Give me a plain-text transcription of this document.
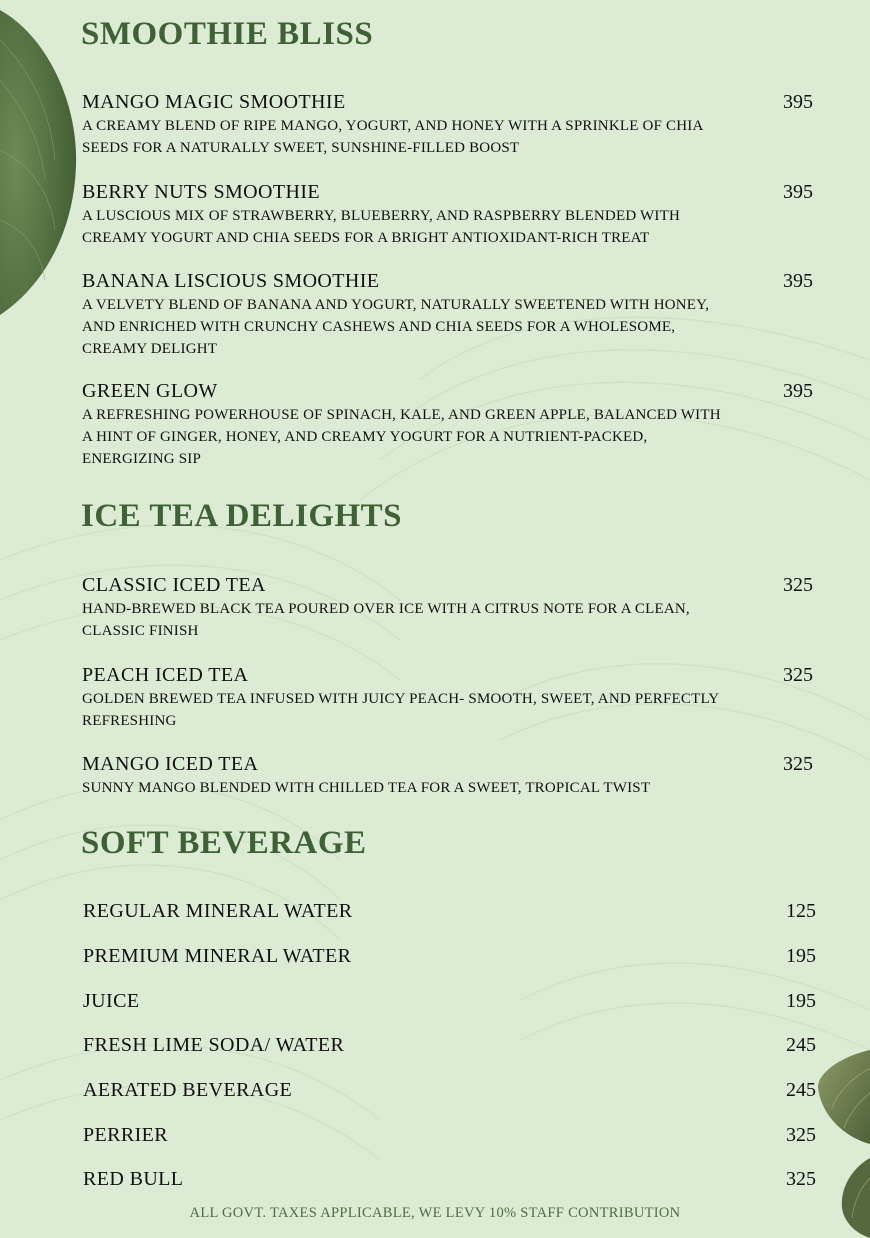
SMOOTHIE BLISS
MANGO MAGIC SMOOTHIE
A CREAMY BLEND OF RIPE MANGO, YOGURT, AND HONEY WITH A SPRINKLE OF CHIA SEEDS FOR A NATURALLY SWEET, SUNSHINE-FILLED BOOST
395
BERRY NUTS SMOOTHIE
A LUSCIOUS MIX OF STRAWBERRY, BLUEBERRY, AND RASPBERRY BLENDED WITH CREAMY YOGURT AND CHIA SEEDS FOR A BRIGHT ANTIOXIDANT-RICH TREAT
395
BANANA LISCIOUS SMOOTHIE
A VELVETY BLEND OF BANANA AND YOGURT, NATURALLY SWEETENED WITH HONEY, AND ENRICHED WITH CRUNCHY CASHEWS AND CHIA SEEDS FOR A WHOLESOME, CREAMY DELIGHT
395
GREEN GLOW
A REFRESHING POWERHOUSE OF SPINACH, KALE, AND GREEN APPLE, BALANCED WITH A HINT OF GINGER, HONEY, AND CREAMY YOGURT FOR A NUTRIENT-PACKED, ENERGIZING SIP
395
ICE TEA DELIGHTS
CLASSIC ICED TEA
HAND-BREWED BLACK TEA POURED OVER ICE WITH A CITRUS NOTE FOR A CLEAN, CLASSIC FINISH
325
PEACH ICED TEA
GOLDEN BREWED TEA INFUSED WITH JUICY PEACH- SMOOTH, SWEET, AND PERFECTLY REFRESHING
325
MANGO ICED TEA
SUNNY MANGO BLENDED WITH CHILLED TEA FOR A SWEET, TROPICAL TWIST
325
SOFT BEVERAGE
REGULAR MINERAL WATER	125
PREMIUM MINERAL WATER	195
JUICE	195
FRESH LIME SODA/ WATER	245
AERATED BEVERAGE	245
PERRIER	325
RED BULL	325
ALL GOVT. TAXES APPLICABLE, WE LEVY 10% STAFF CONTRIBUTION
